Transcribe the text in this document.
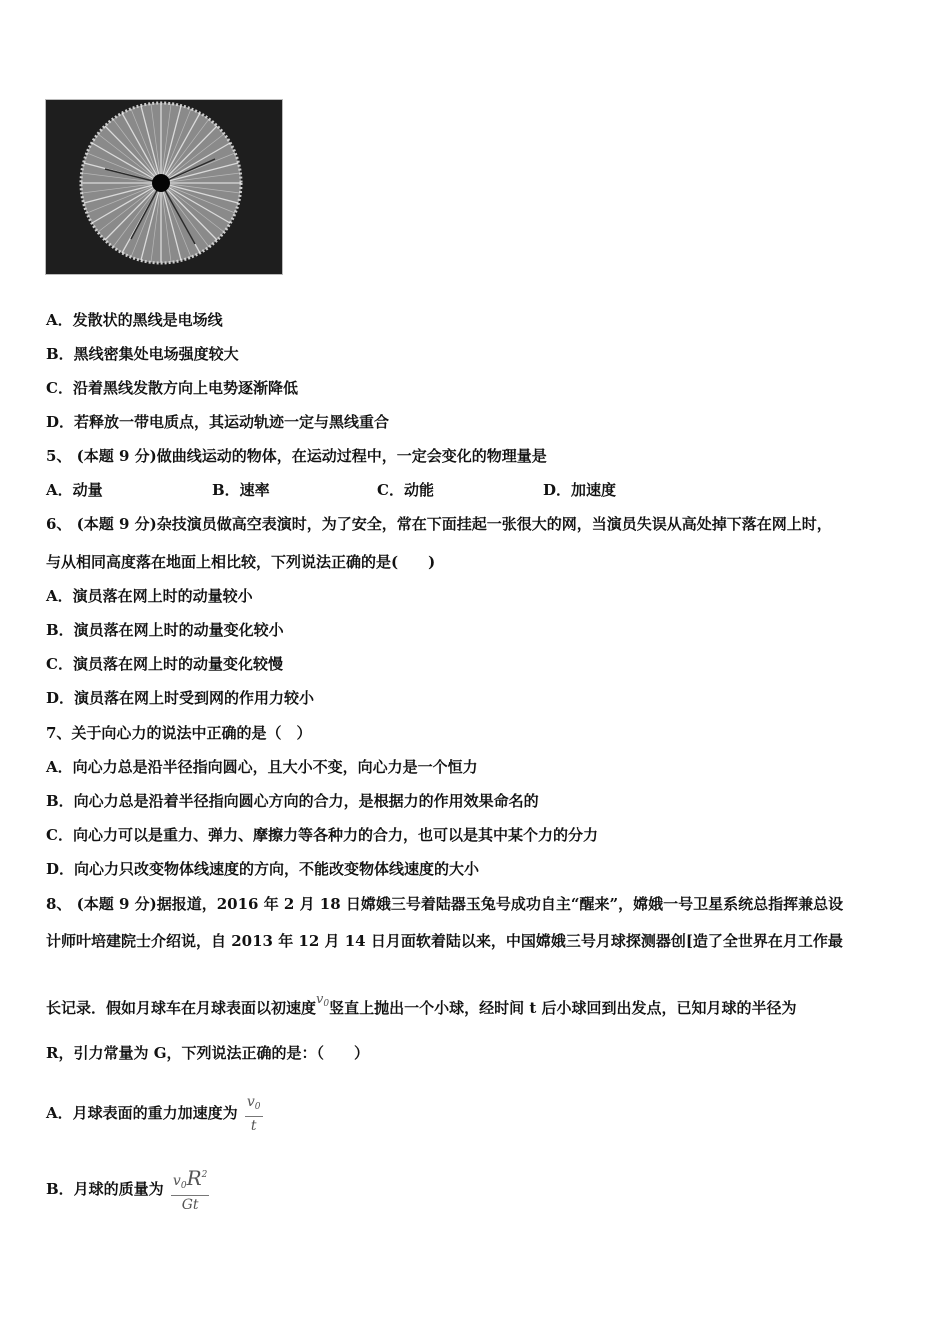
A．发散状的黑线是电场线
B．黑线密集处电场强度较大
C．沿着黑线发散方向上电势逐渐降低
D．若释放一带电质点，其运动轨迹一定与黑线重合
5、 (本题 9 分)做曲线运动的物体，在运动过程中，一定会变化的物理量是
A．动量	B．速率	C．动能	D．加速度
6、 (本题 9 分)杂技演员做高空表演时，为了安全，常在下面挂起一张很大的网，当演员失误从高处掉下落在网上时，
与从相同高度落在地面上相比较，下列说法正确的是(　　)
A．演员落在网上时的动量较小
B．演员落在网上时的动量变化较小
C．演员落在网上时的动量变化较慢
D．演员落在网上时受到网的作用力较小
7、关于向心力的说法中正确的是（　）
A．向心力总是沿半径指向圆心，且大小不变，向心力是一个恒力
B．向心力总是沿着半径指向圆心方向的合力，是根据力的作用效果命名的
C．向心力可以是重力、弹力、摩擦力等各种力的合力，也可以是其中某个力的分力
D．向心力只改变物体线速度的方向，不能改变物体线速度的大小
8、 (本题 9 分)据报道，2016 年 2 月 18 日嫦娥三号着陆器玉兔号成功自主“醒来”，嫦娥一号卫星系统总指挥兼总设
计师叶培建院士介绍说，自 2013 年 12 月 14 日月面软着陆以来，中国嫦娥三号月球探测器创[造了全世界在月工作最
长记录．假如月球车在月球表面以初速度$v_0$竖直上抛出一个小球，经时间 t 后小球回到出发点，已知月球的半径为
R，引力常量为 G，下列说法正确的是：（　　）
A．月球表面的重力加速度为 $\frac{v_0}{t}$
B．月球的质量为 $\frac{v_0R^2}{Gt}$
